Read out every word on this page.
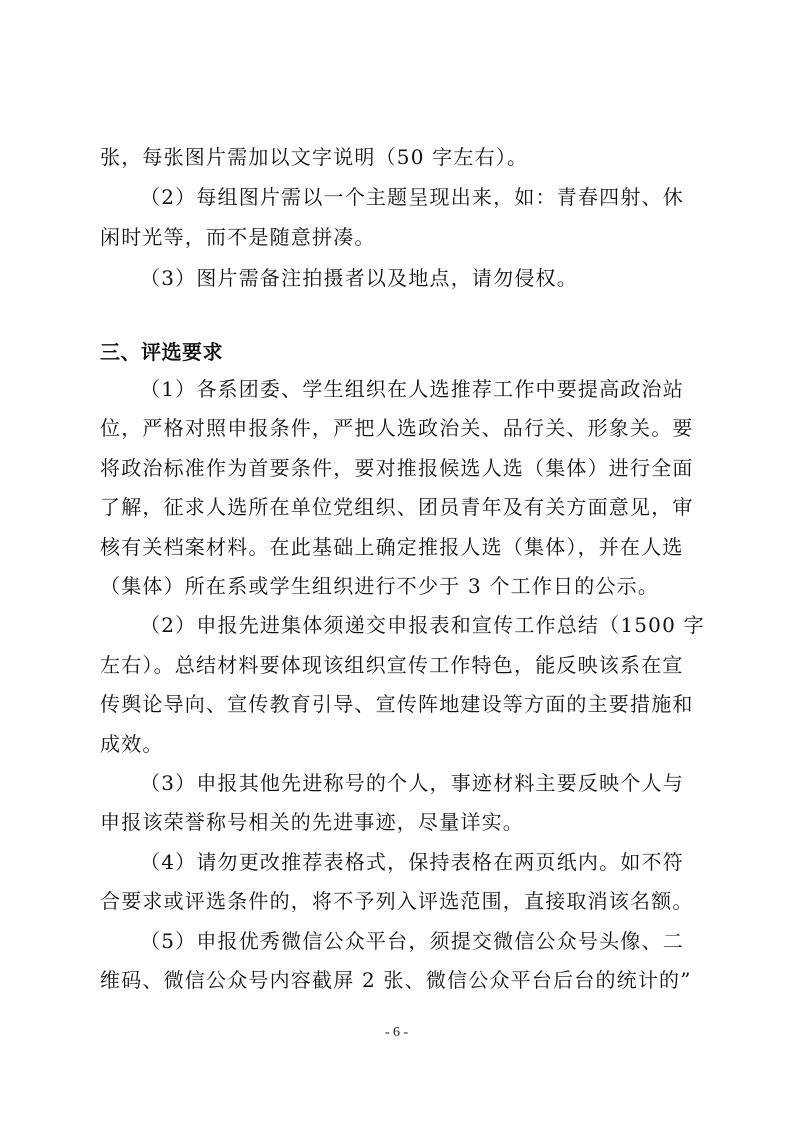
张，每张图片需加以文字说明（50 字左右）。
（2）每组图片需以一个主题呈现出来，如：青春四射、休
闲时光等，而不是随意拼凑。
（3）图片需备注拍摄者以及地点，请勿侵权。
三、评选要求
（1）各系团委、学生组织在人选推荐工作中要提高政治站
位，严格对照申报条件，严把人选政治关、品行关、形象关。要
将政治标准作为首要条件，要对推报候选人选（集体）进行全面
了解，征求人选所在单位党组织、团员青年及有关方面意见，审
核有关档案材料。在此基础上确定推报人选（集体），并在人选
（集体）所在系或学生组织进行不少于 3 个工作日的公示。
（2）申报先进集体须递交申报表和宣传工作总结（1500 字
左右）。总结材料要体现该组织宣传工作特色，能反映该系在宣
传舆论导向、宣传教育引导、宣传阵地建设等方面的主要措施和
成效。
（3）申报其他先进称号的个人，事迹材料主要反映个人与
申报该荣誉称号相关的先进事迹，尽量详实。
（4）请勿更改推荐表格式，保持表格在两页纸内。如不符
合要求或评选条件的，将不予列入评选范围，直接取消该名额。
（5）申报优秀微信公众平台，须提交微信公众号头像、二
维码、微信公众号内容截屏 2 张、微信公众平台后台的统计的”
- 6 -
